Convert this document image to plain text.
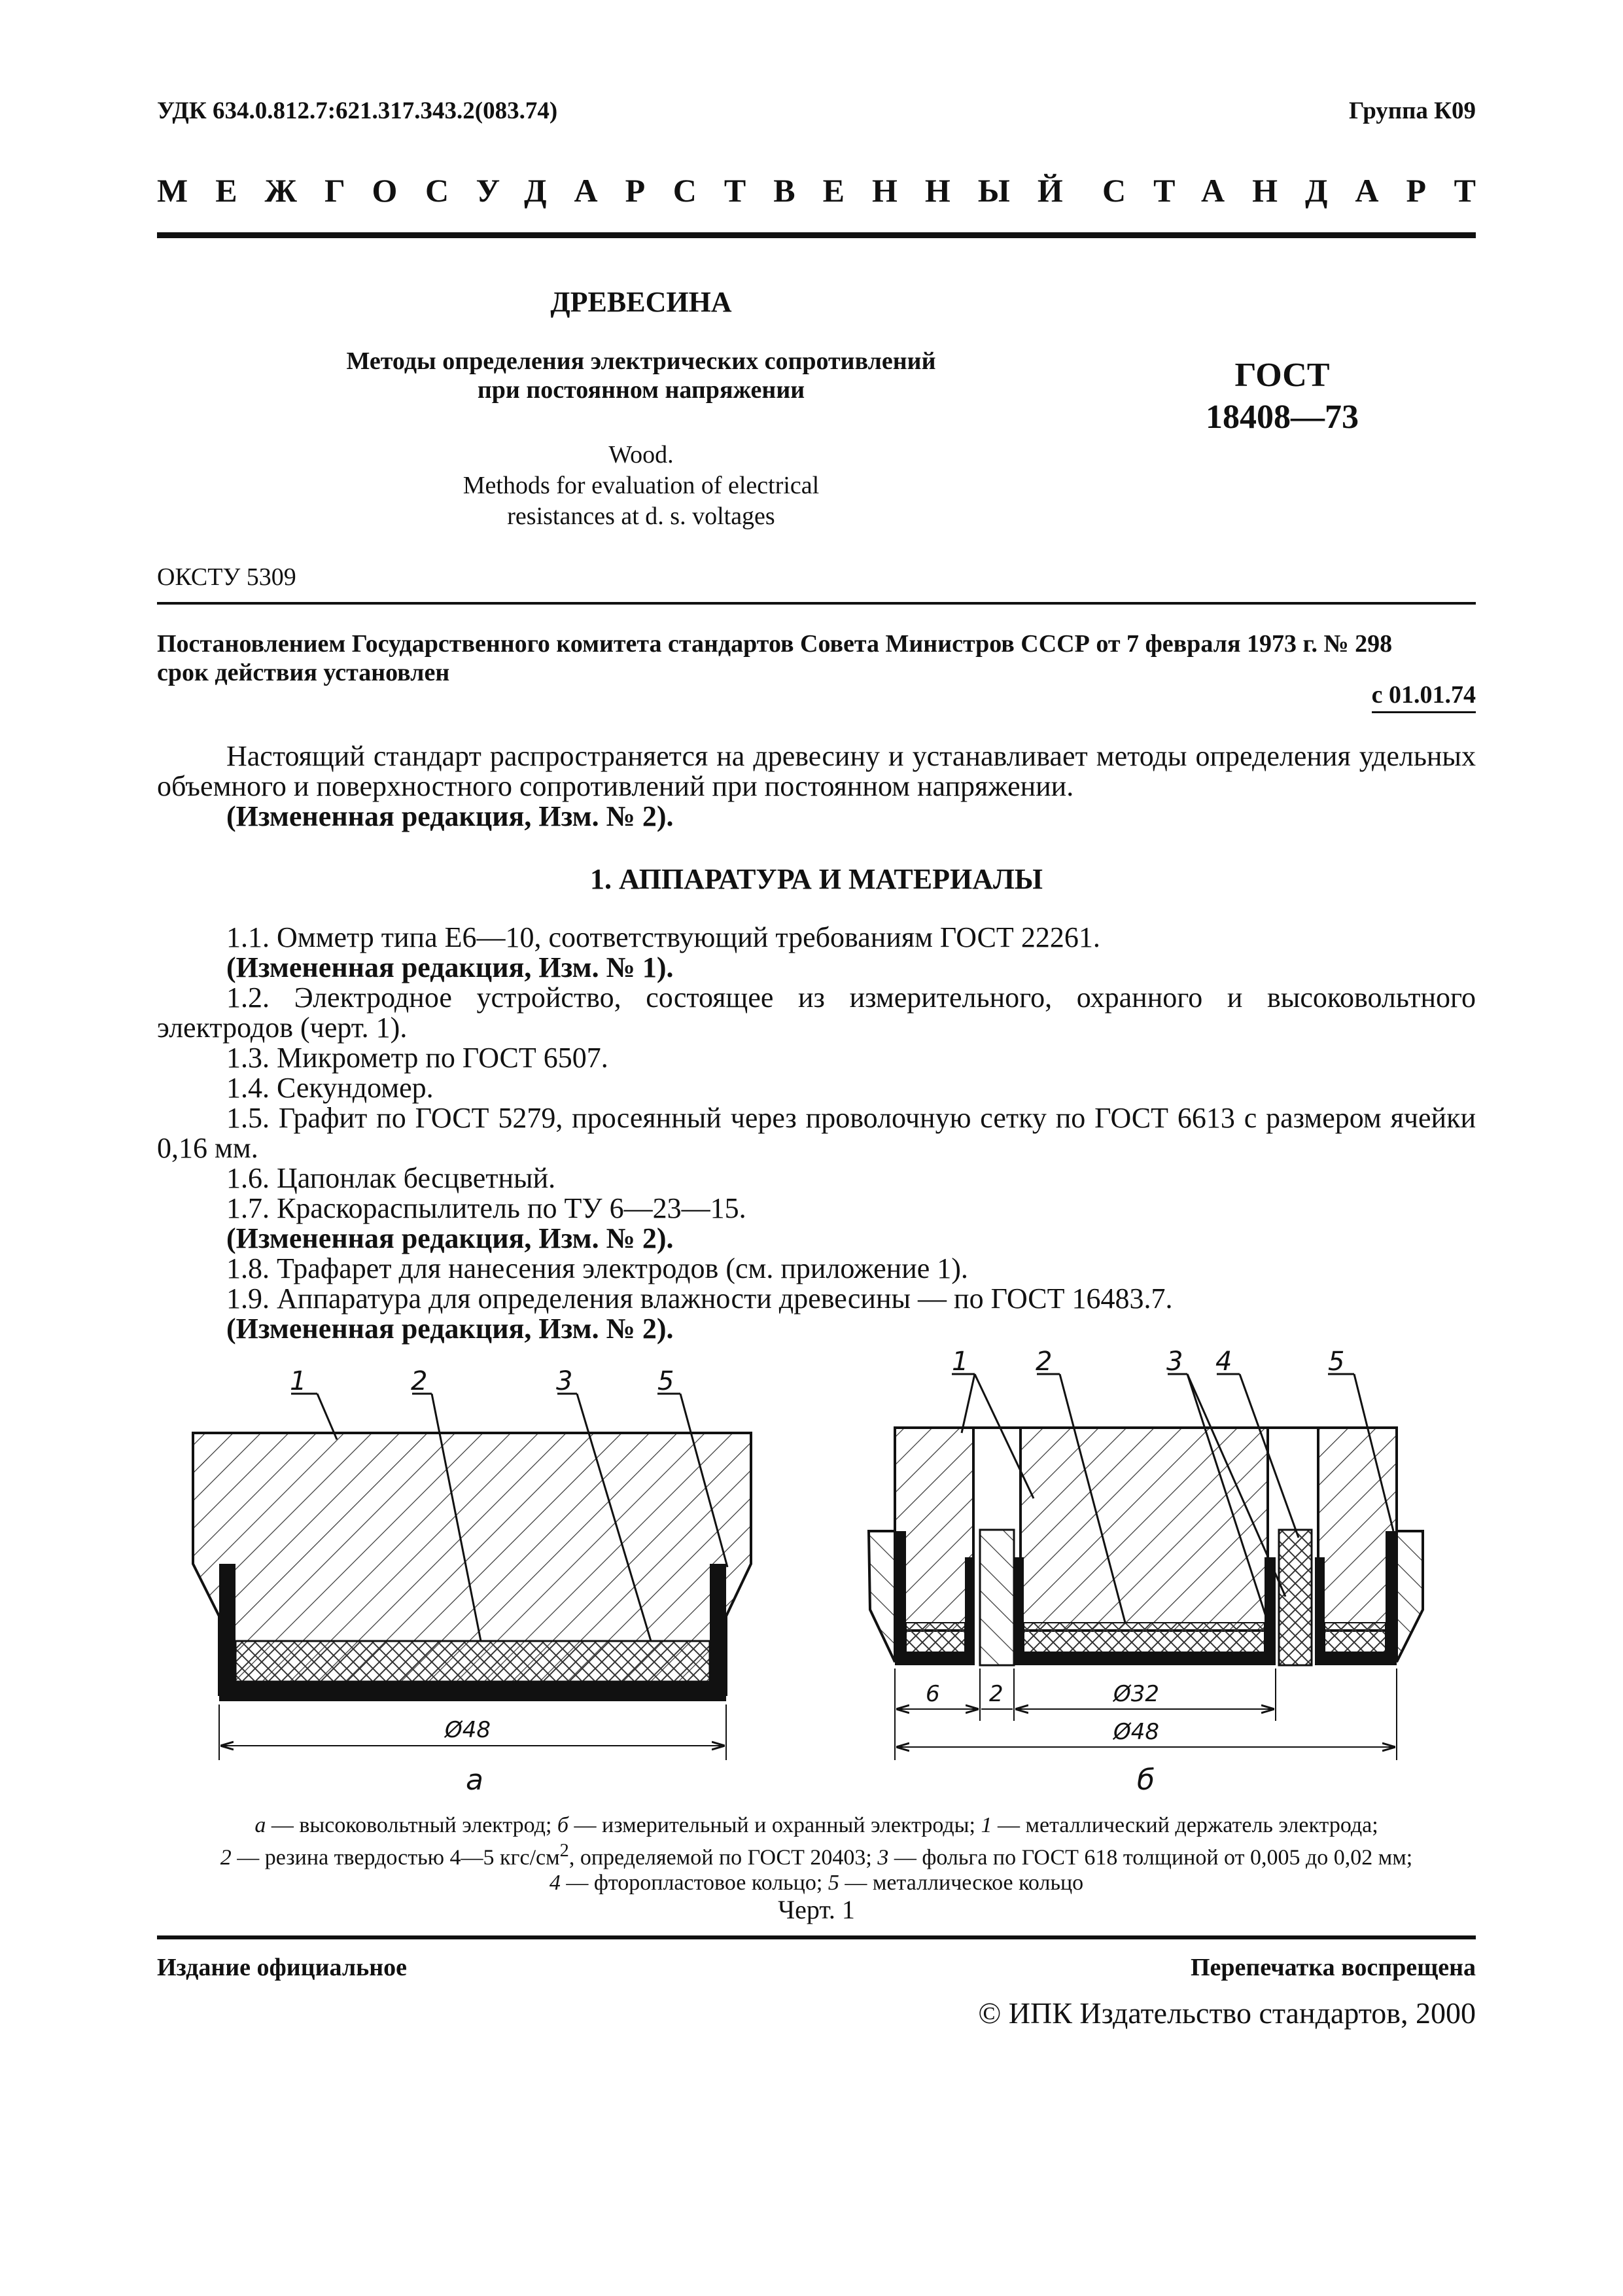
УДК 634.0.812.7:621.317.343.2(083.74)	Группа К09
МЕЖГОСУДАРСТВЕННЫЙ СТАНДАРТ
ДРЕВЕСИНА
Методы определения электрических сопротивлений
при постоянном напряжении
Wood.
Methods for evaluation of electrical
resistances at d. s. voltages
ГОСТ
18408—73
ОКСТУ 5309
Постановлением Государственного комитета стандартов Совета Министров СССР от 7 февраля 1973 г. № 298
срок действия установлен
с 01.01.74

Настоящий стандарт распространяется на древесину и устанавливает методы определения удельных объемного и поверхностного сопротивлений при постоянном напряжении.

(Измененная редакция, Изм. № 2).
1. АППАРАТУРА И МАТЕРИАЛЫ
1.1. Омметр типа Е6—10, соответствующий требованиям ГОСТ 22261.
(Измененная редакция, Изм. № 1).

1.2. Электродное устройство, состоящее из измерительного, охранного и высоковольтного электродов (черт. 1).

1.3. Микрометр по ГОСТ 6507.
1.4. Секундомер.

1.5. Графит по ГОСТ 5279, просеянный через проволочную сетку по ГОСТ 6613 с размером ячейки 0,16 мм.

1.6. Цапонлак бесцветный.
1.7. Краскораспылитель по ТУ 6—23—15.
(Измененная редакция, Изм. № 2).
1.8. Трафарет для нанесения электродов (см. приложение 1).
1.9. Аппаратура для определения влажности древесины — по ГОСТ 16483.7.
(Измененная редакция, Изм. № 2).
1	2	3	5
Ø48
а
1	2	3 4	5
6 2	Ø32
Ø48
б
а — высоковольтный электрод; б — измерительный и охранный электроды; 1 — металлический держатель электрода;
2 — резина твердостью 4—5 кгс/$см^2$, определяемой по ГОСТ 20403; 3 — фольга по ГОСТ 618 толщиной от 0,005 до 0,02 мм;
4 — фторопластовое кольцо; 5 — металлическое кольцо
Черт. 1
Издание официальное	Перепечатка воспрещена
© ИПК Издательство стандартов, 2000
